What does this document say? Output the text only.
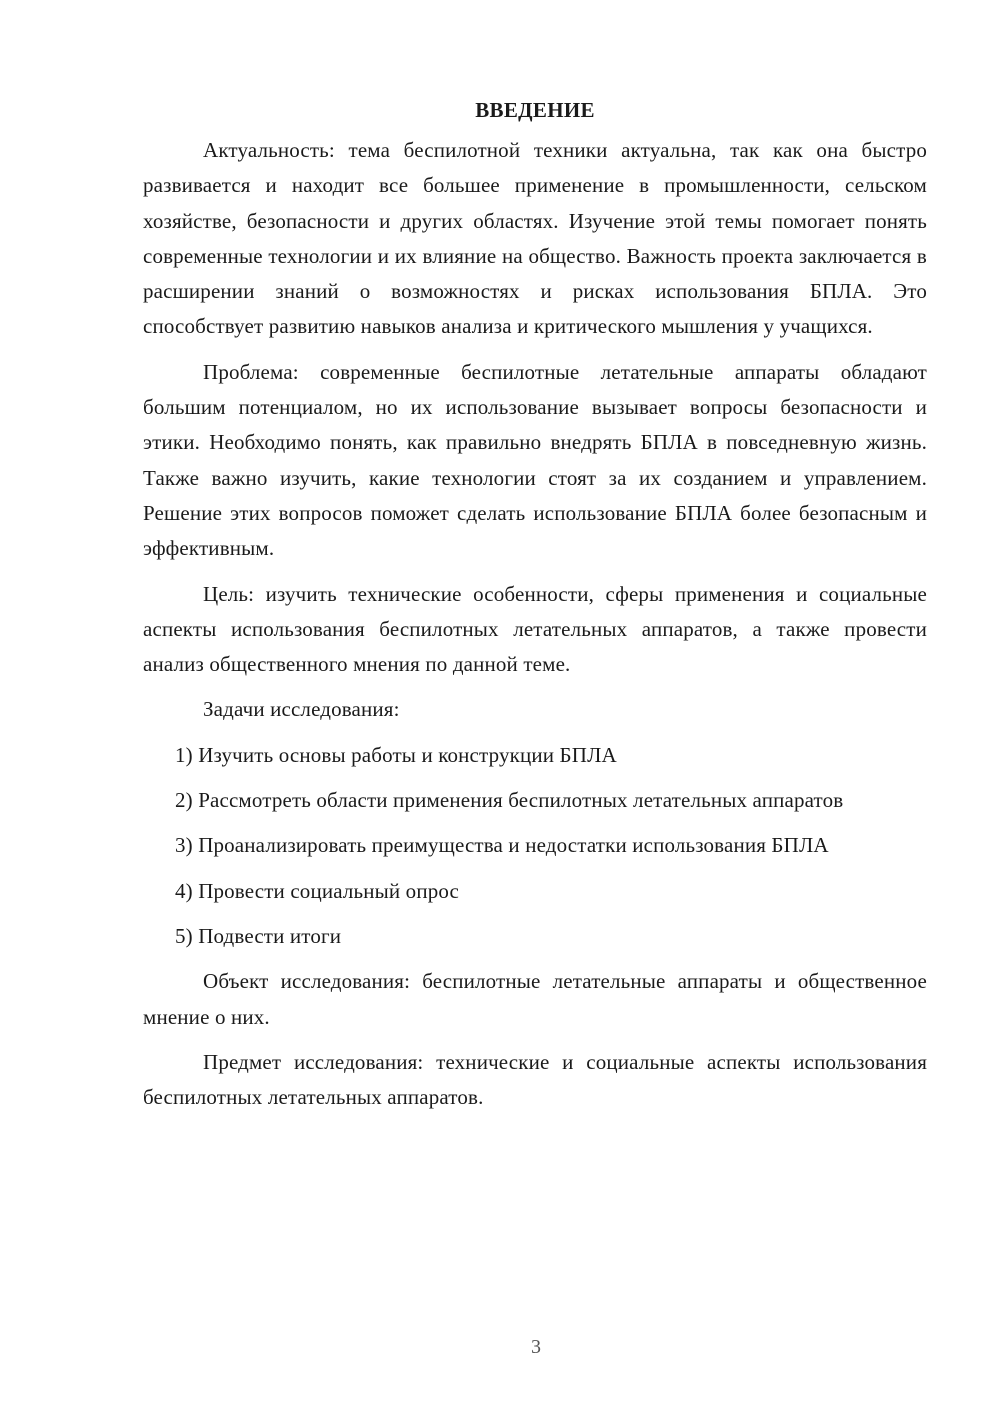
ВВЕДЕНИЕ

Актуальность: тема беспилотной техники актуальна, так как она быстро развивается и находит все большее применение в промышленности, сельском хозяйстве, безопасности и других областях. Изучение этой темы помогает понять современные технологии и их влияние на общество. Важность проекта заключается в расширении знаний о возможностях и рисках использования БПЛА. Это способствует развитию навыков анализа и критического мышления у учащихся.

Проблема: современные беспилотные летательные аппараты обладают большим потенциалом, но их использование вызывает вопросы безопасности и этики. Необходимо понять, как правильно внедрять БПЛА в повседневную жизнь. Также важно изучить, какие технологии стоят за их созданием и управлением. Решение этих вопросов поможет сделать использование БПЛА более безопасным и эффективным.

Цель: изучить технические особенности, сферы применения и социальные аспекты использования беспилотных летательных аппаратов, а также провести анализ общественного мнения по данной теме.

Задачи исследования:

1) Изучить основы работы и конструкции БПЛА

2) Рассмотреть области применения беспилотных летательных аппаратов

3) Проанализировать преимущества и недостатки использования БПЛА

4) Провести социальный опрос

5) Подвести итоги

Объект исследования: беспилотные летательные аппараты и общественное мнение о них.

Предмет исследования: технические и социальные аспекты использования беспилотных летательных аппаратов.

3
